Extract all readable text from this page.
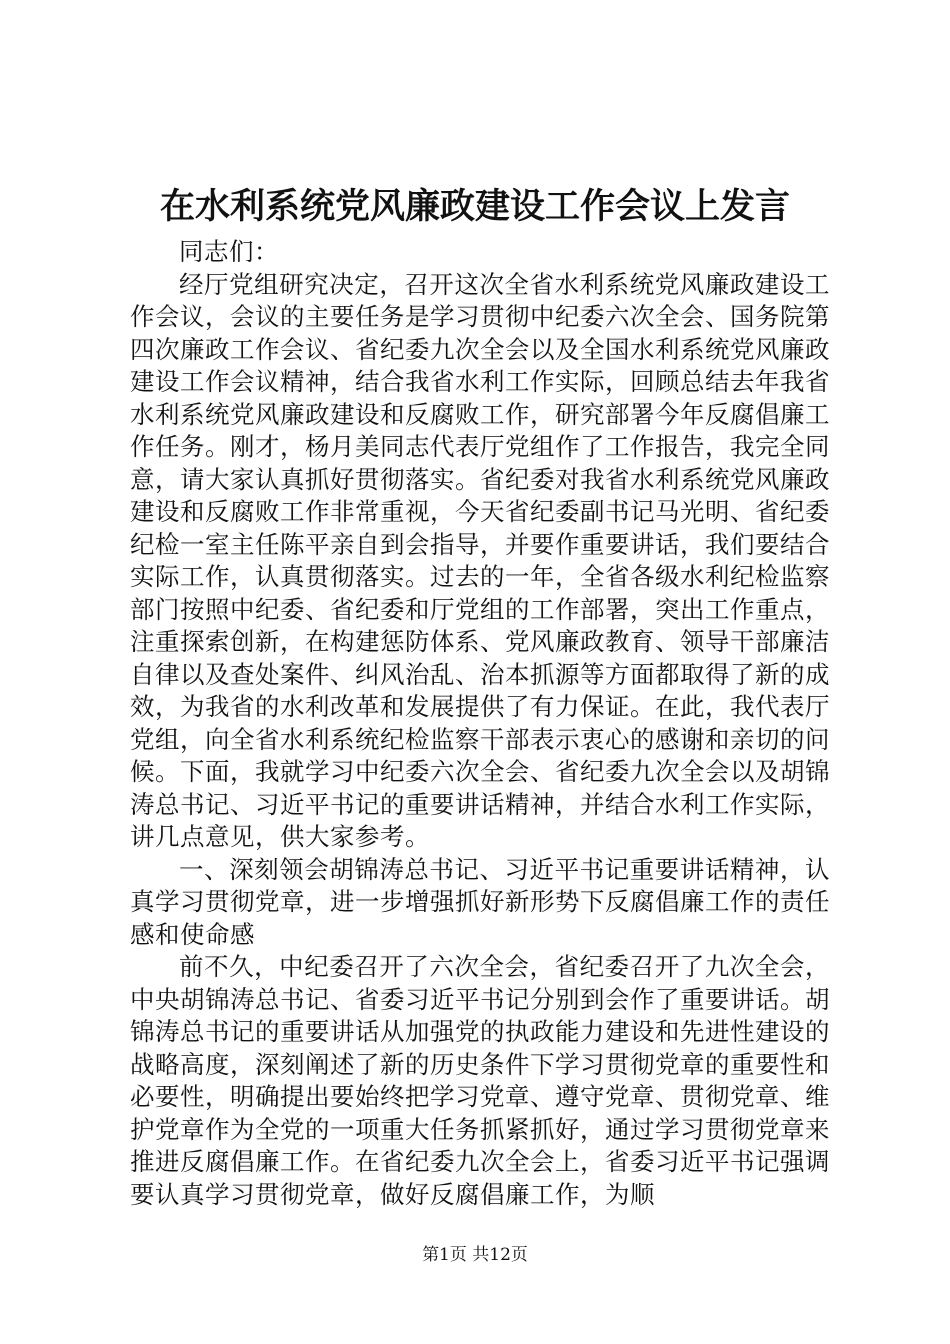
在水利系统党风廉政建设工作会议上发言

同志们：

经厅党组研究决定，召开这次全省水利系统党风廉政建设工作会议，会议的主要任务是学习贯彻中纪委六次全会、国务院第四次廉政工作会议、省纪委九次全会以及全国水利系统党风廉政建设工作会议精神，结合我省水利工作实际，回顾总结去年我省水利系统党风廉政建设和反腐败工作，研究部署今年反腐倡廉工作任务。刚才，杨月美同志代表厅党组作了工作报告，我完全同意，请大家认真抓好贯彻落实。省纪委对我省水利系统党风廉政建设和反腐败工作非常重视，今天省纪委副书记马光明、省纪委纪检一室主任陈平亲自到会指导，并要作重要讲话，我们要结合实际工作，认真贯彻落实。过去的一年，全省各级水利纪检监察部门按照中纪委、省纪委和厅党组的工作部署，突出工作重点，注重探索创新，在构建惩防体系、党风廉政教育、领导干部廉洁自律以及查处案件、纠风治乱、治本抓源等方面都取得了新的成效，为我省的水利改革和发展提供了有力保证。在此，我代表厅党组，向全省水利系统纪检监察干部表示衷心的感谢和亲切的问候。下面，我就学习中纪委六次全会、省纪委九次全会以及胡锦涛总书记、习近平书记的重要讲话精神，并结合水利工作实际，讲几点意见，供大家参考。

一、深刻领会胡锦涛总书记、习近平书记重要讲话精神，认真学习贯彻党章，进一步增强抓好新形势下反腐倡廉工作的责任感和使命感

前不久，中纪委召开了六次全会，省纪委召开了九次全会，中央胡锦涛总书记、省委习近平书记分别到会作了重要讲话。胡锦涛总书记的重要讲话从加强党的执政能力建设和先进性建设的战略高度，深刻阐述了新的历史条件下学习贯彻党章的重要性和必要性，明确提出要始终把学习党章、遵守党章、贯彻党章、维护党章作为全党的一项重大任务抓紧抓好，通过学习贯彻党章来推进反腐倡廉工作。在省纪委九次全会上，省委习近平书记强调要认真学习贯彻党章，做好反腐倡廉工作，为顺

第1页 共12页
